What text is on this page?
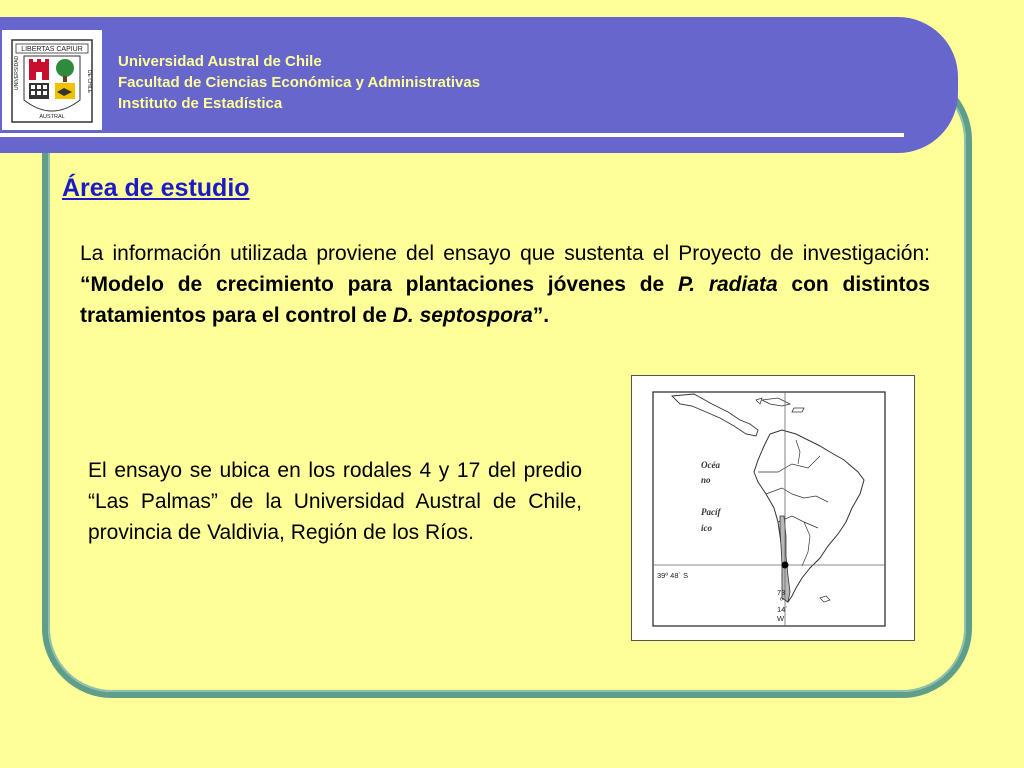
LIBERTAS CAPIUR
UNIVERSIDAD	DE CHILE
AUSTRAL
Universidad Austral de Chile
Facultad de Ciencias Económica y Administrativas
Instituto de Estadística
Área de estudio
La información utilizada proviene del ensayo que sustenta el Proyecto de investigación: “Modelo de crecimiento para plantaciones jóvenes de P. radiata con distintos tratamientos para el control de D. septospora”.
El ensayo se ubica en los rodales 4 y 17 del predio “Las Palmas” de la Universidad Austral de Chile, provincia de Valdivia, Región de los Ríos.
Océa
no
Pacíf
ico
39º 48´ S
73
º
14´
W
